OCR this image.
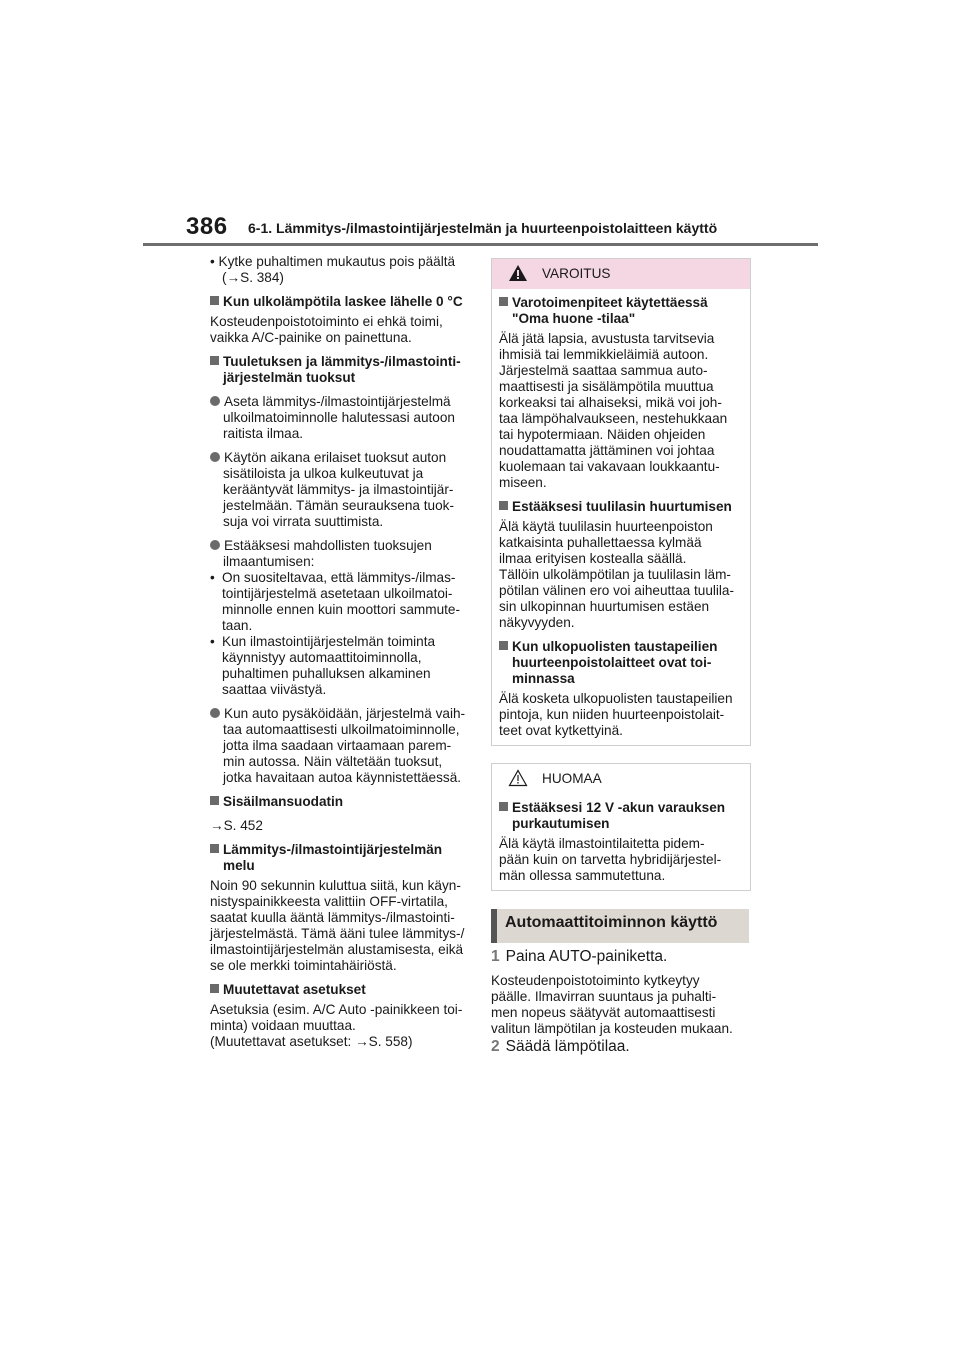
386 6-1. Lämmitys-/ilmastointijärjestelmän ja huurteenpoistolaitteen käyttö

• Kytke puhaltimen mukautus pois päältä
(→S. 384)

Kun ulkolämpötila laskee lähelle 0 °C

Kosteudenpoistotoiminto ei ehkä toimi,
vaikka A/C-painike on painettuna.

Tuuletuksen ja lämmitys-/ilmastointi-
järjestelmän tuoksut

Aseta lämmitys-/ilmastointijärjestelmä
ulkoilmatoiminnolle halutessasi autoon
raitista ilmaa.

Käytön aikana erilaiset tuoksut auton
sisätiloista ja ulkoa kulkeutuvat ja
kerääntyvät lämmitys- ja ilmastointijär-
jestelmään. Tämän seurauksena tuok-
suja voi virrata suuttimista.

Estääksesi mahdollisten tuoksujen
ilmaantumisen:

• On suositeltavaa, että lämmitys-/ilmas-
tointijärjestelmä asetetaan ulkoilmatoi-
minnolle ennen kuin moottori sammute-
taan.

• Kun ilmastointijärjestelmän toiminta
käynnistyy automaattitoiminnolla,
puhaltimen puhalluksen alkaminen
saattaa viivästyä.

Kun auto pysäköidään, järjestelmä vaih-
taa automaattisesti ulkoilmatoiminnolle,
jotta ilma saadaan virtaamaan parem-
min autossa. Näin vältetään tuoksut,
jotka havaitaan autoa käynnistettäessä.

Sisäilmansuodatin

→S. 452

Lämmitys-/ilmastointijärjestelmän
melu

Noin 90 sekunnin kuluttua siitä, kun käyn-
nistyspainikkeesta valittiin OFF-virtatila,
saatat kuulla ääntä lämmitys-/ilmastointi-
järjestelmästä. Tämä ääni tulee lämmitys-/
ilmastointijärjestelmän alustamisesta, eikä
se ole merkki toimintahäiriöstä.

Muutettavat asetukset

Asetuksia (esim. A/C Auto -painikkeen toi-
minta) voidaan muuttaa.
(Muutettavat asetukset: →S. 558)

VAROITUS

Varotoimenpiteet käytettäessä
"Oma huone -tilaa"

Älä jätä lapsia, avustusta tarvitsevia
ihmisiä tai lemmikkieläimiä autoon.
Järjestelmä saattaa sammua auto-
maattisesti ja sisälämpötila muuttua
korkeaksi tai alhaiseksi, mikä voi joh-
taa lämpöhalvaukseen, nestehukkaan
tai hypotermiaan. Näiden ohjeiden
noudattamatta jättäminen voi johtaa
kuolemaan tai vakavaan loukkaantu-
miseen.

Estääksesi tuulilasin huurtumisen

Älä käytä tuulilasin huurteenpoiston
katkaisinta puhallettaessa kylmää
ilmaa erityisen kostealla säällä.
Tällöin ulkolämpötilan ja tuulilasin läm-
pötilan välinen ero voi aiheuttaa tuulila-
sin ulkopinnan huurtumisen estäen
näkyvyyden.

Kun ulkopuolisten taustapeilien
huurteenpoistolaitteet ovat toi-
minnassa

Älä kosketa ulkopuolisten taustapeilien
pintoja, kun niiden huurteenpoistolait-
teet ovat kytkettyinä.

HUOMAA

Estääksesi 12 V -akun varauksen
purkautumisen

Älä käytä ilmastointilaitetta pidem-
pään kuin on tarvetta hybridijärjestel-
män ollessa sammutettuna.

Automaattitoiminnon käyttö

1 Paina AUTO-painiketta.

Kosteudenpoistotoiminto kytkeytyy
päälle. Ilmavirran suuntaus ja puhalti-
men nopeus säätyvät automaattisesti
valitun lämpötilan ja kosteuden mukaan.

2 Säädä lämpötilaa.
